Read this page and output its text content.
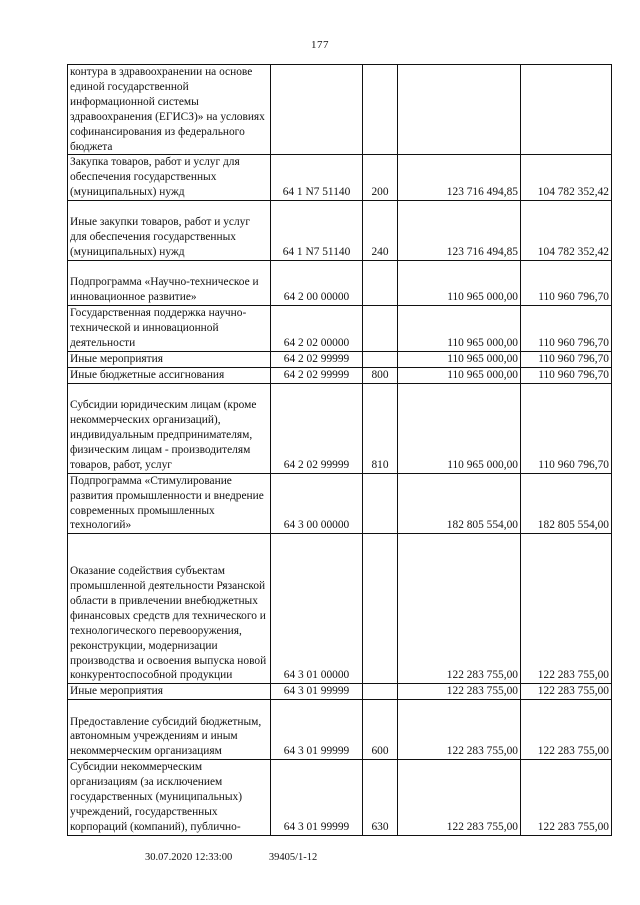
177
контура в здравоохранении на основе единой государственной информационной системы здравоохранения (ЕГИСЗ)» на условиях софинансирования из федерального бюджета				
Закупка товаров, работ и услуг для обеспечения государственных (муниципальных) нужд	64 1 N7 51140	200	123 716 494,85	104 782 352,42
Иные закупки товаров, работ и услуг для обеспечения государственных (муниципальных) нужд	64 1 N7 51140	240	123 716 494,85	104 782 352,42
Подпрограмма «Научно-техническое и инновационное развитие»	64 2 00 00000		110 965 000,00	110 960 796,70
Государственная поддержка научно-технической и инновационной деятельности	64 2 02 00000		110 965 000,00	110 960 796,70
Иные мероприятия	64 2 02 99999		110 965 000,00	110 960 796,70
Иные бюджетные ассигнования	64 2 02 99999	800	110 965 000,00	110 960 796,70
Субсидии юридическим лицам (кроме некоммерческих организаций), индивидуальным предпринимателям, физическим лицам - производителям товаров, работ, услуг	64 2 02 99999	810	110 965 000,00	110 960 796,70
Подпрограмма «Стимулирование развития промышленности и внедрение современных промышленных технологий»	64 3 00 00000		182 805 554,00	182 805 554,00
Оказание содействия субъектам промышленной деятельности Рязанской области в привлечении внебюджетных финансовых средств для технического и технологического перевооружения, реконструкции, модернизации производства и освоения выпуска новой конкурентоспособной продукции	64 3 01 00000		122 283 755,00	122 283 755,00
Иные мероприятия	64 3 01 99999		122 283 755,00	122 283 755,00
Предоставление субсидий бюджетным, автономным учреждениям и иным некоммерческим организациям	64 3 01 99999	600	122 283 755,00	122 283 755,00
Субсидии некоммерческим организациям (за исключением государственных (муниципальных) учреждений, государственных корпораций (компаний), публично-	64 3 01 99999	630	122 283 755,00	122 283 755,00
30.07.2020 12:33:00	39405/1-12
